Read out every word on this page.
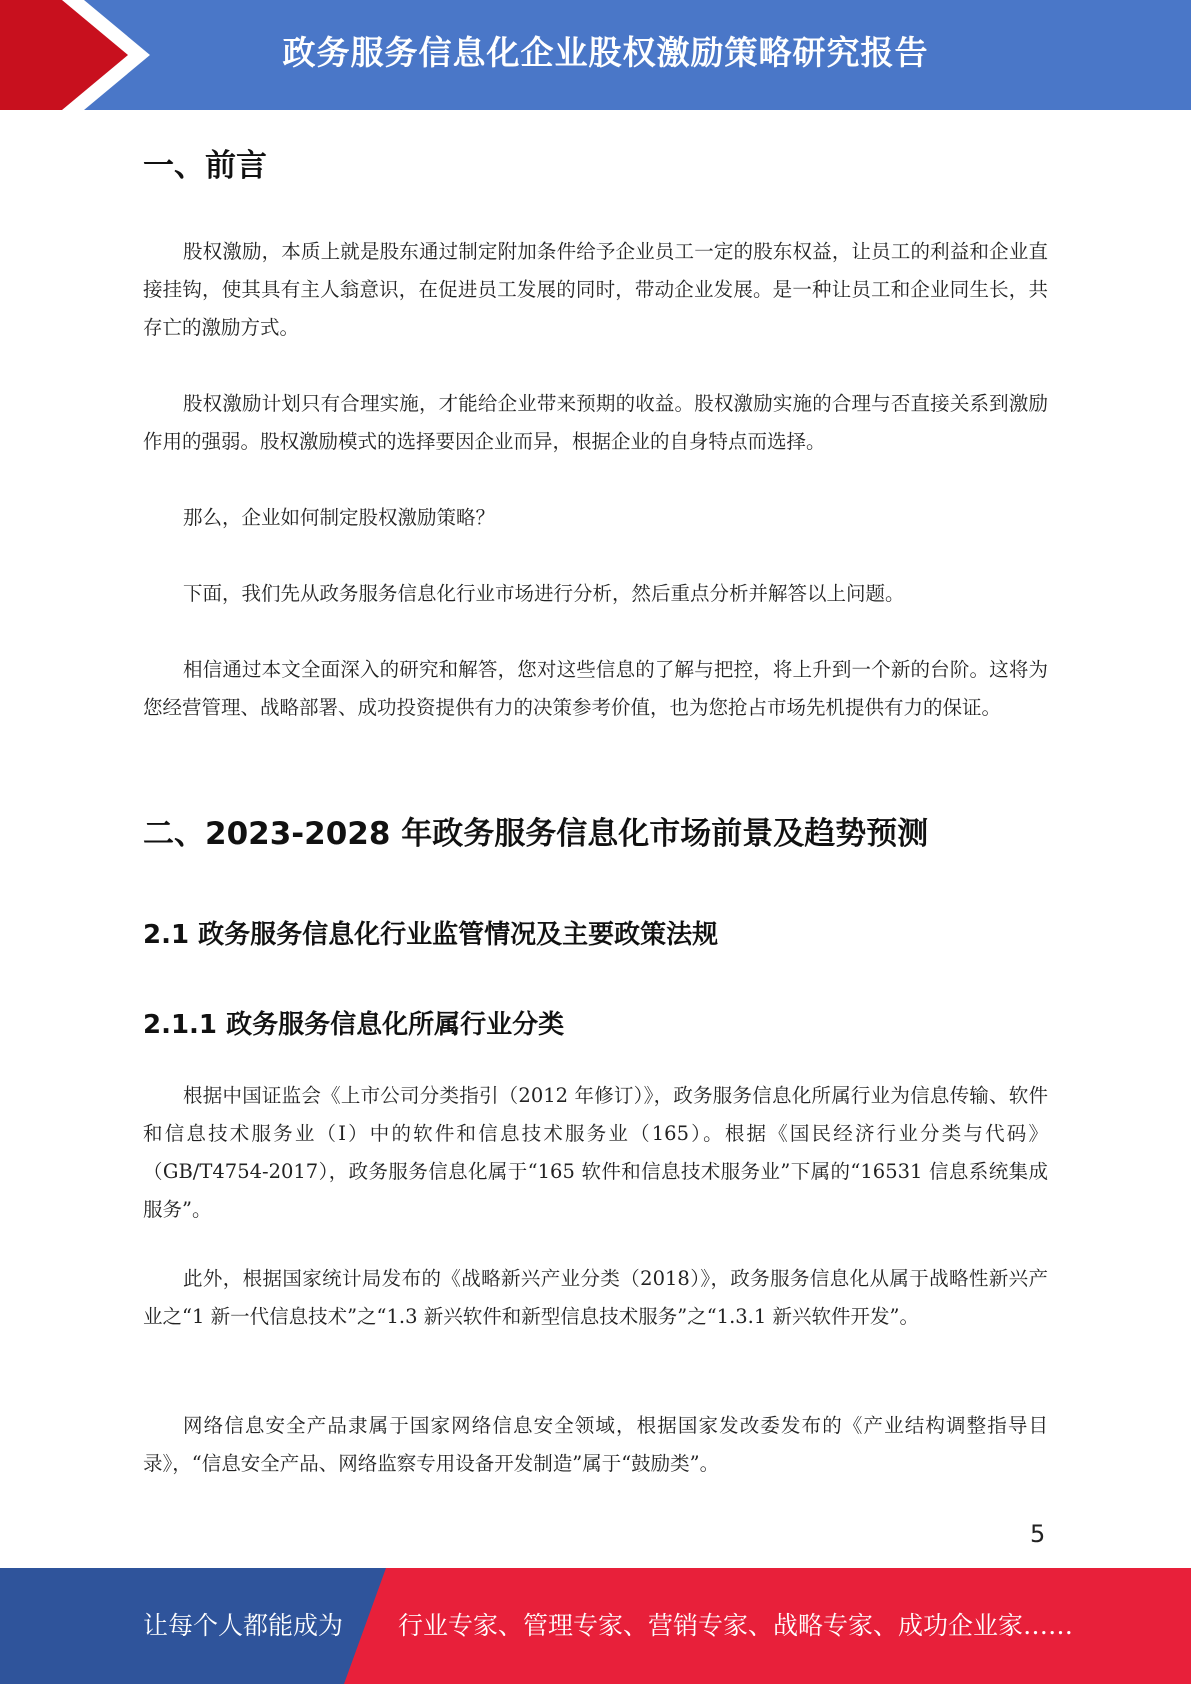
政务服务信息化企业股权激励策略研究报告
一、前言

股权激励，本质上就是股东通过制定附加条件给予企业员工一定的股东权益，让员工的利益和企业直接挂钩，使其具有主人翁意识，在促进员工发展的同时，带动企业发展。是一种让员工和企业同生长，共存亡的激励方式。

股权激励计划只有合理实施，才能给企业带来预期的收益。股权激励实施的合理与否直接关系到激励作用的强弱。股权激励模式的选择要因企业而异，根据企业的自身特点而选择。

那么，企业如何制定股权激励策略？

下面，我们先从政务服务信息化行业市场进行分析，然后重点分析并解答以上问题。

相信通过本文全面深入的研究和解答，您对这些信息的了解与把控，将上升到一个新的台阶。这将为您经营管理、战略部署、成功投资提供有力的决策参考价值，也为您抢占市场先机提供有力的保证。

二、2023-2028 年政务服务信息化市场前景及趋势预测
2.1 政务服务信息化行业监管情况及主要政策法规
2.1.1 政务服务信息化所属行业分类

根据中国证监会《上市公司分类指引（2012 年修订）》，政务服务信息化所属行业为信息传输、软件和信息技术服务业（I）中的软件和信息技术服务业（165）。根据《国民经济行业分类与代码》（GB/T4754-2017），政务服务信息化属于“165 软件和信息技术服务业”下属的“16531 信息系统集成服务”。

此外，根据国家统计局发布的《战略新兴产业分类（2018）》，政务服务信息化从属于战略性新兴产业之“1 新一代信息技术”之“1.3 新兴软件和新型信息技术服务”之“1.3.1 新兴软件开发”。

网络信息安全产品隶属于国家网络信息安全领域，根据国家发改委发布的《产业结构调整指导目录》，“信息安全产品、网络监察专用设备开发制造”属于“鼓励类”。

5
让每个人都能成为 行业专家、管理专家、营销专家、战略专家、成功企业家……
